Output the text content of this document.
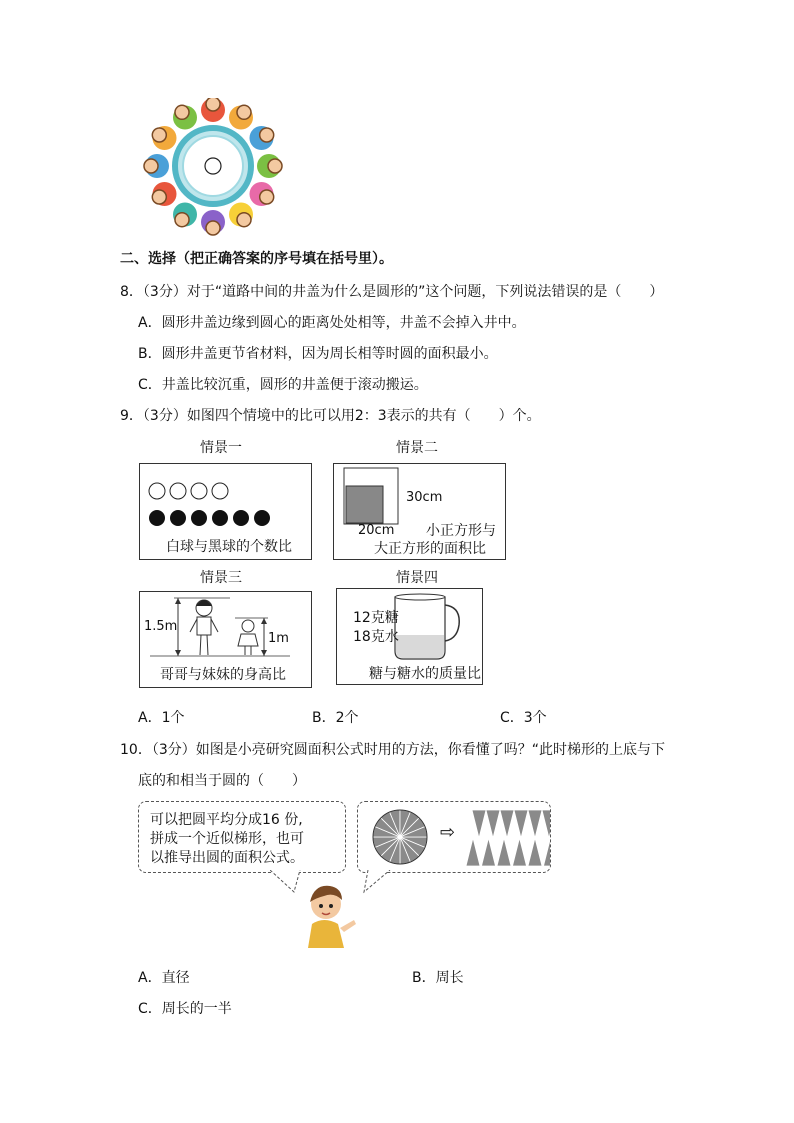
二、选择（把正确答案的序号填在括号里）。
8．（3分）对于“道路中间的井盖为什么是圆形的”这个问题，下列说法错误的是（　　）
A．圆形井盖边缘到圆心的距离处处相等，井盖不会掉入井中。
B．圆形井盖更节省材料，因为周长相等时圆的面积最小。
C．井盖比较沉重，圆形的井盖便于滚动搬运。
9．（3分）如图四个情境中的比可以用2：3表示的共有（　　）个。
情景一
白球与黑球的个数比
情景二
30cm
20cm 小正方形与
大正方形的面积比
情景三
1.5m
1m
哥哥与妹妹的身高比
情景四
12克糖
18克水
糖与糖水的质量比
A．1个	B．2个	C．3个
10．（3分）如图是小亮研究圆面积公式时用的方法，你看懂了吗？“此时梯形的上底与下
底的和相当于圆的（　　）
可以把圆平均分成16 份,
拼成一个近似梯形，也可
以推导出圆的面积公式。
⇨
A．直径	B．周长
C．周长的一半
